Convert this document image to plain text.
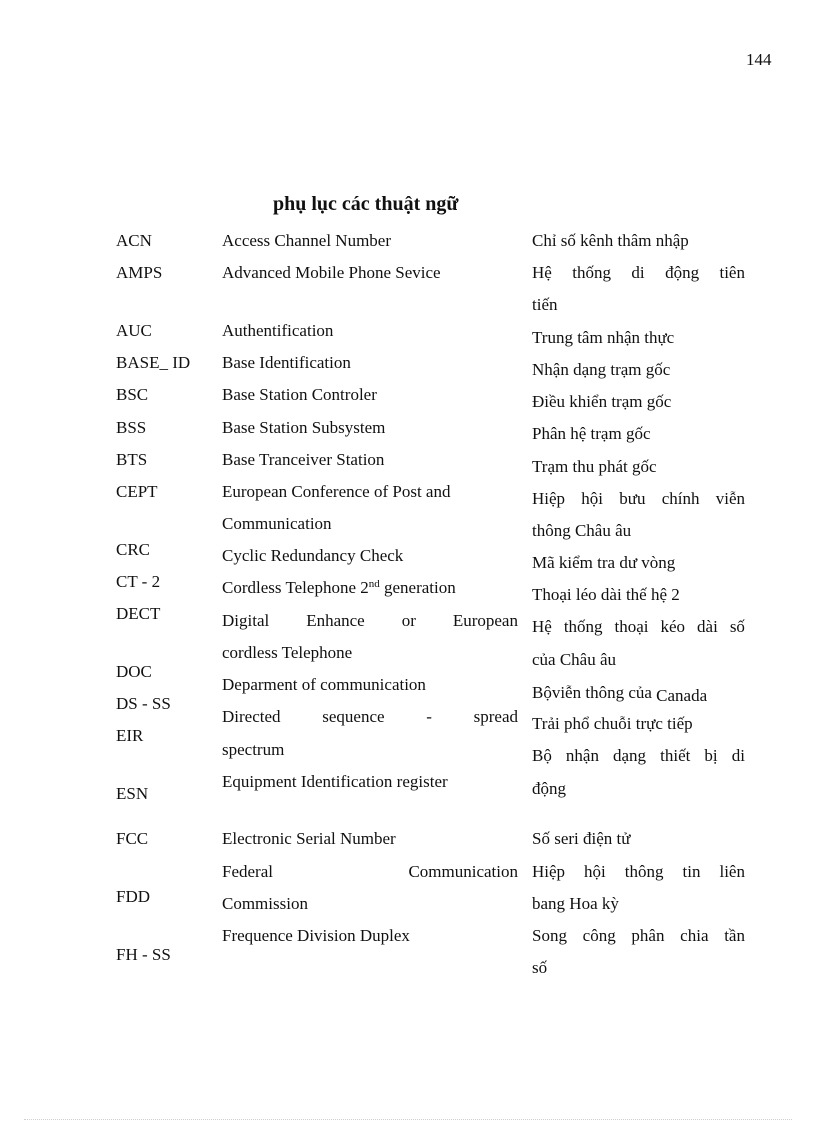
144
phụ lục các thuật ngữ
ACN
AMPS
AUC
BASE_ ID
BSC
BSS
BTS
CEPT
CRC
CT - 2
DECT
DOC
DS - SS
EIR
ESN
FCC
FDD
FH - SS
Access Channel Number
Advanced Mobile Phone Sevice
Authentification
Base Identification
Base Station Controler
Base Station Subsystem
Base Tranceiver Station
European Conference of Post and
Communication
Cyclic Redundancy Check
Cordless Telephone 2nd generation
Digital Enhance or European
cordless Telephone
Deparment of communication
Directed sequence - spread
spectrum
Equipment Identification register
Electronic Serial Number
Federal	Communication
Commission
Frequence Division Duplex
Chỉ số kênh thâm nhập
Hệ thống di động tiên
tiến
Trung tâm nhận thực
Nhận dạng trạm gốc
Điều khiển trạm gốc
Phân hệ trạm gốc
Trạm thu phát gốc
Hiệp hội bưu chính viễn
thông Châu âu
Mã kiểm tra dư vòng
Thoại léo dài thế hệ 2
Hệ thống thoại kéo dài số
của Châu âu
Bộviễn thông của Canada
Trải phổ chuỗi trực tiếp
Bộ nhận dạng thiết bị di
động
Số seri điện tử
Hiệp hội thông tin liên
bang Hoa kỳ
Song công phân chia tần
số
